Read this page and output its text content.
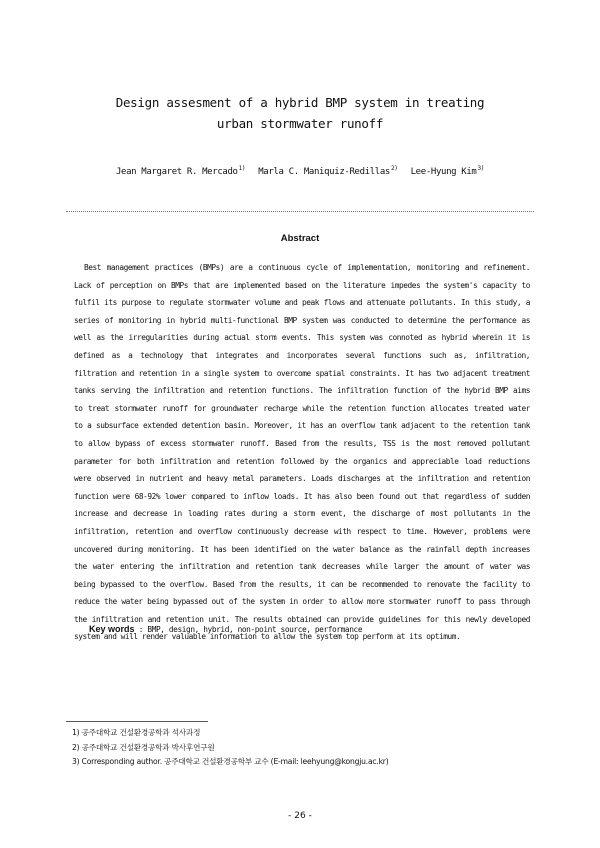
Design assesment of a hybrid BMP system in treating
urban stormwater runoff
Jean Margaret R. Mercado$^{1)}$ Marla C. Maniquiz-Redillas$^{2)}$ Lee-Hyung Kim$^{3)}$
Abstract
Best management practices (BMPs) are a continuous cycle of implementation, monitoring and refinement.
Lack of perception on BMPs that are implemented based on the literature impedes the system's capacity to
fulfil its purpose to regulate stormwater volume and peak flows and attenuate pollutants. In this study, a
series of monitoring in hybrid multi-functional BMP system was conducted to determine the performance as
well as the irregularities during actual storm events. This system was connoted as hybrid wherein it is
defined as a technology that integrates and incorporates several functions such as, infiltration,
filtration and retention in a single system to overcome spatial constraints. It has two adjacent treatment
tanks serving the infiltration and retention functions. The infiltration function of the hybrid BMP aims
to treat stormwater runoff for groundwater recharge while the retention function allocates treated water
to a subsurface extended detention basin. Moreover, it has an overflow tank adjacent to the retention tank
to allow bypass of excess stormwater runoff. Based from the results, TSS is the most removed pollutant
parameter for both infiltration and retention followed by the organics and appreciable load reductions
were observed in nutrient and heavy metal parameters. Loads discharges at the infiltration and retention
function were 68-92% lower compared to inflow loads. It has also been found out that regardless of sudden
increase and decrease in loading rates during a storm event, the discharge of most pollutants in the
infiltration, retention and overflow continuously decrease with respect to time. However, problems were
uncovered during monitoring. It has been identified on the water balance as the rainfall depth increases
the water entering the infiltration and retention tank decreases while larger the amount of water was
being bypassed to the overflow. Based from the results, it can be recommended to renovate the facility to
reduce the water being bypassed out of the system in order to allow more stormwater runoff to pass through
the infiltration and retention unit. The results obtained can provide guidelines for this newly developed
system and will render valuable information to allow the system top perform at its optimum.
Key words : BMP, design, hybrid, non-point source, performance
1) 공주대학교 건설환경공학과 석사과정
2) 공주대학교 건설환경공학과 박사후연구원
3) Corresponding author. 공주대학교 건설환경공학부 교수 (E-mail: leehyung@kongju.ac.kr)
- 26 -
